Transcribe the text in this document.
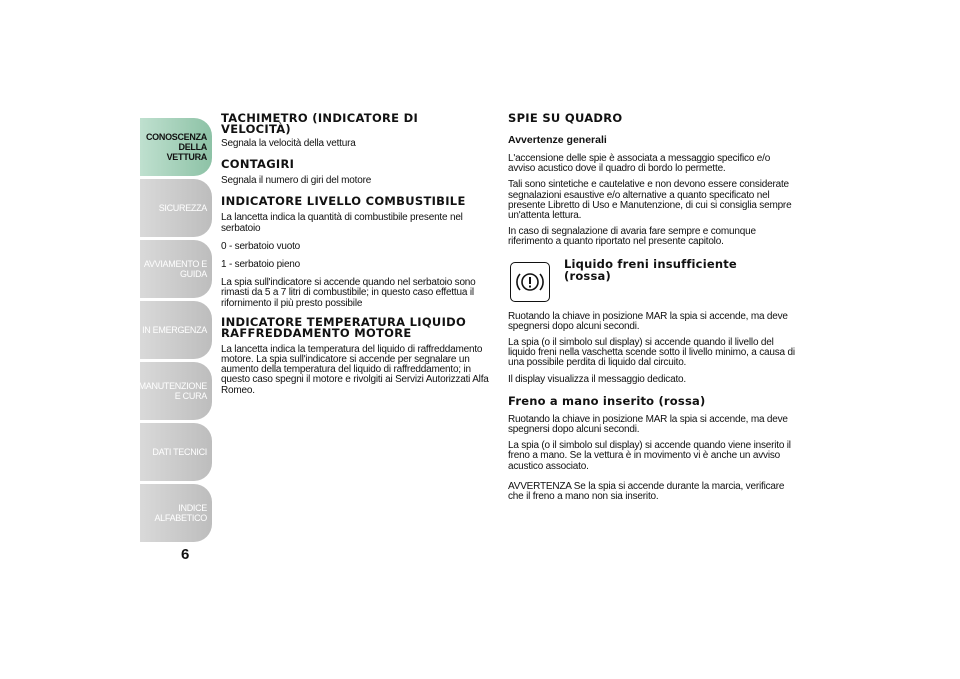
CONOSCENZA DELLA VETTURA
SICUREZZA
AVVIAMENTO E GUIDA
IN EMERGENZA
MANUTENZIONE E CURA
DATI TECNICI
INDICE ALFABETICO
6
TACHIMETRO (INDICATORE DI VELOCITÀ)

Segnala la velocità della vettura

CONTAGIRI

Segnala il numero di giri del motore

INDICATORE LIVELLO COMBUSTIBILE

La lancetta indica la quantità di combustibile presente nel serbatoio

0 - serbatoio vuoto

1 - serbatoio pieno

La spia sull'indicatore si accende quando nel serbatoio sono rimasti da 5 a 7 litri di combustibile; in questo caso effettua il rifornimento il più presto possibile

INDICATORE TEMPERATURA LIQUIDO RAFFREDDAMENTO MOTORE

La lancetta indica la temperatura del liquido di raffreddamento motore. La spia sull'indicatore si accende per segnalare un aumento della temperatura del liquido di raffreddamento; in questo caso spegni il motore e rivolgiti ai Servizi Autorizzati Alfa Romeo.

SPIE SU QUADRO
Avvertenze generali

L'accensione delle spie è associata a messaggio specifico e/o avviso acustico dove il quadro di bordo lo permette.

Tali sono sintetiche e cautelative e non devono essere considerate segnalazioni esaustive e/o alternative a quanto specificato nel presente Libretto di Uso e Manutenzione, di cui si consiglia sempre un'attenta lettura.

In caso di segnalazione di avaria fare sempre e comunque riferimento a quanto riportato nel presente capitolo.

Liquido freni insufficiente (rossa)

Ruotando la chiave in posizione MAR la spia si accende, ma deve spegnersi dopo alcuni secondi.

La spia (o il simbolo sul display) si accende quando il livello del liquido freni nella vaschetta scende sotto il livello minimo, a causa di una possibile perdita di liquido dal circuito.

Il display visualizza il messaggio dedicato.

Freno a mano inserito (rossa)

Ruotando la chiave in posizione MAR la spia si accende, ma deve spegnersi dopo alcuni secondi.

La spia (o il simbolo sul display) si accende quando viene inserito il freno a mano. Se la vettura è in movimento vi è anche un avviso acustico associato.

AVVERTENZA Se la spia si accende durante la marcia, verificare che il freno a mano non sia inserito.
